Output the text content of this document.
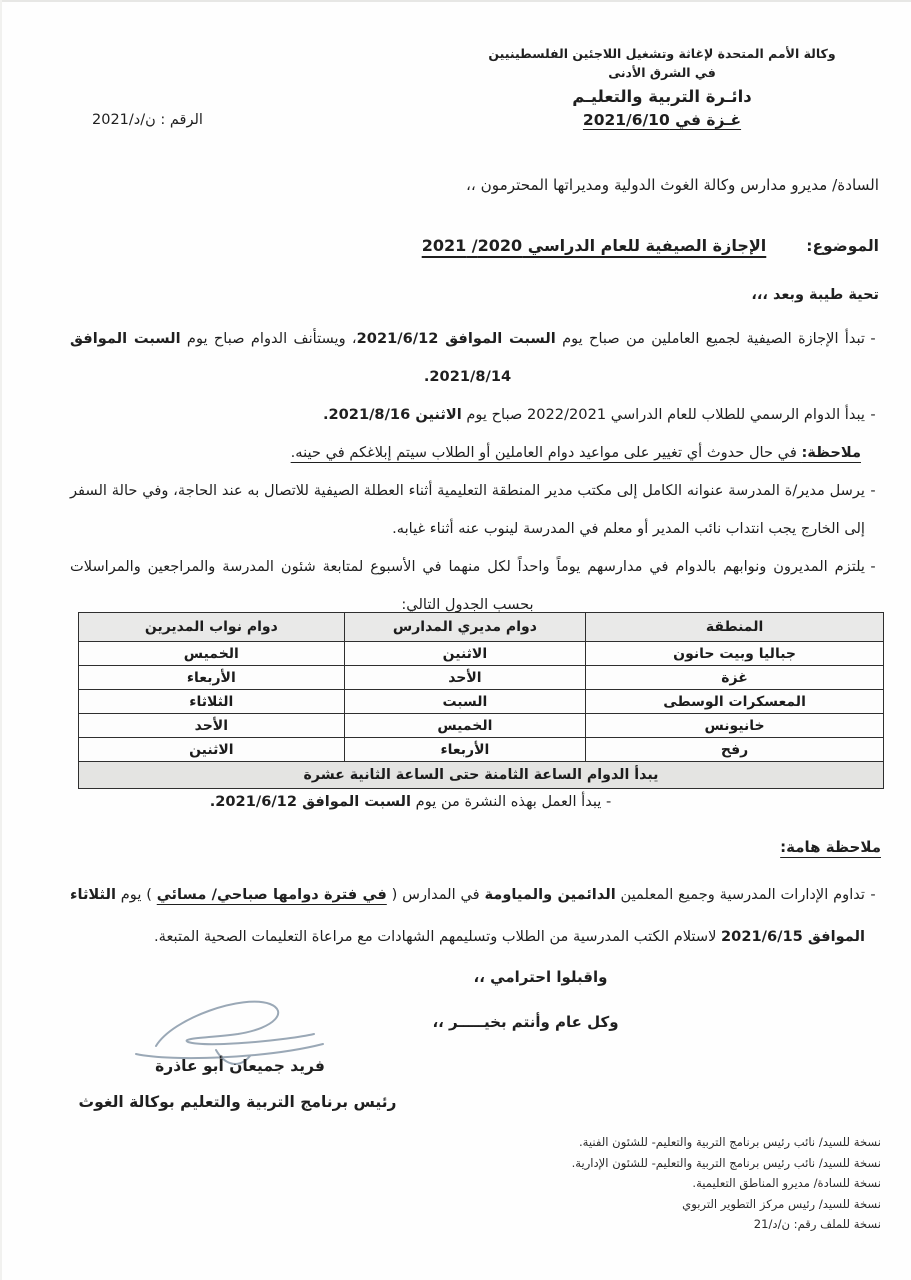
وكالة الأمم المتحدة لإغاثة وتشغيل اللاجئين الفلسطينيين
في الشرق الأدنى
دائـرة التربية والتعليـم
غـزة في 2021/6/10
الرقم : ن/د/2021
السادة/ مديرو مدارس وكالة الغوث الدولية ومديراتها المحترمون ،،
الموضوع:
الإجازة الصيفية للعام الدراسي 2020/ 2021
تحية طيبة وبعد ،،،
-
تبدأ الإجازة الصيفية لجميع العاملين من صباح يوم السبت الموافق 2021/6/12، ويستأنف الدوام صباح يوم السبت الموافق 2021/8/14.
-
يبدأ الدوام الرسمي للطلاب للعام الدراسي 2022/2021 صباح يوم الاثنين 2021/8/16.
ملاحظة: في حال حدوث أي تغيير على مواعيد دوام العاملين أو الطلاب سيتم إبلاغكم في حينه.
-
يرسل مدير/ة المدرسة عنوانه الكامل إلى مكتب مدير المنطقة التعليمية أثناء العطلة الصيفية للاتصال به عند الحاجة، وفي حالة السفر إلى الخارج يجب انتداب نائب المدير أو معلم في المدرسة لينوب عنه أثناء غيابه.
-
يلتزم المديرون ونوابهم بالدوام في مدارسهم يوماً واحداً لكل منهما في الأسبوع لمتابعة شئون المدرسة والمراجعين والمراسلات بحسب الجدول التالي:
المنطقة	دوام مديري المدارس	دوام نواب المديرين
جباليا وبيت حانون	الاثنين	الخميس
غزة	الأحد	الأربعاء
المعسكرات الوسطى	السبت	الثلاثاء
خانيونس	الخميس	الأحد
رفح	الأربعاء	الاثنين
يبدأ الدوام الساعة الثامنة حتى الساعة الثانية عشرة		
- يبدأ العمل بهذه النشرة من يوم السبت الموافق 2021/6/12.
ملاحظة هامة:
-
تداوم الإدارات المدرسية وجميع المعلمين الدائمين والمياومة في المدارس ( في فترة دوامها صباحي/ مسائي ) يوم الثلاثاء الموافق 2021/6/15 لاستلام الكتب المدرسية من الطلاب وتسليمهم الشهادات مع مراعاة التعليمات الصحية المتبعة.
واقبلوا احترامي ،،
وكل عام وأنتم بخيـــــر ،،
فريد جميعان أبو عاذرة
رئيس برنامج التربية والتعليم بوكالة الغوث
نسخة للسيد/ نائب رئيس برنامج التربية والتعليم- للشئون الفنية.
نسخة للسيد/ نائب رئيس برنامج التربية والتعليم- للشئون الإدارية.
نسخة للسادة/ مديرو المناطق التعليمية.
نسخة للسيد/ رئيس مركز التطوير التربوي
نسخة للملف رقم: ن/د/21
